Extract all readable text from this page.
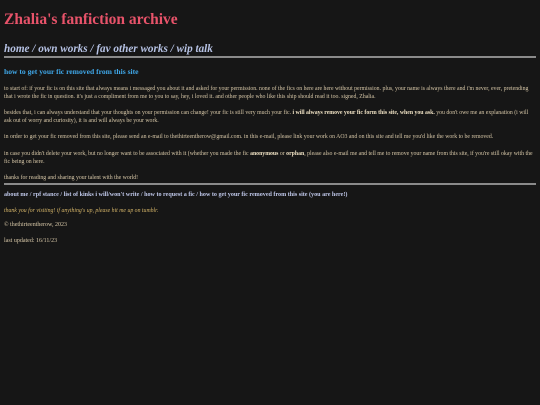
Zhalia's fanfiction archive
home / own works / fav other works / wip talk
how to get your fic removed from this site

to start of: if your fic is on this site that always means i messaged you about it and asked for your permission. none of the fics on here are here without permission. plus, your name is always there and i'm never, ever, pretending that i wrote the fic in question. it's just a compliment from me to you to say, hey, i loved it. and other people who like this ship should read it too. signed, Zhalia.

besides that, i can always understand that your thoughts on your permission can change! your fic is still very much your fic. i will always remove your fic form this site, when you ask. you don't owe me an explanation (i will ask out of worry and curiosity), it is and will always be your work.

in order to get your fic removed from this site, please send an e-mail to thethirteentherow@gmail.com. in this e-mail, please link your work on AO3 and on this site and tell me you'd like the work to be removed.

in case you didn't delete your work, but no longer want to be associated with it (whether you made the fic anonymous or orphan, please also e-mail me and tell me to remove your name from this site, if you're still okay with the fic being on here.

thanks for reading and sharing your talent with the world!

about me / rpf stance / list of kinks i will/won't write / how to request a fic / how to get your fic removed from this site (you are here!)
thank you for visiting! if anything's up, please hit me up on tumblr.
© thethirteentherow, 2023
last updated: 16/11/23
